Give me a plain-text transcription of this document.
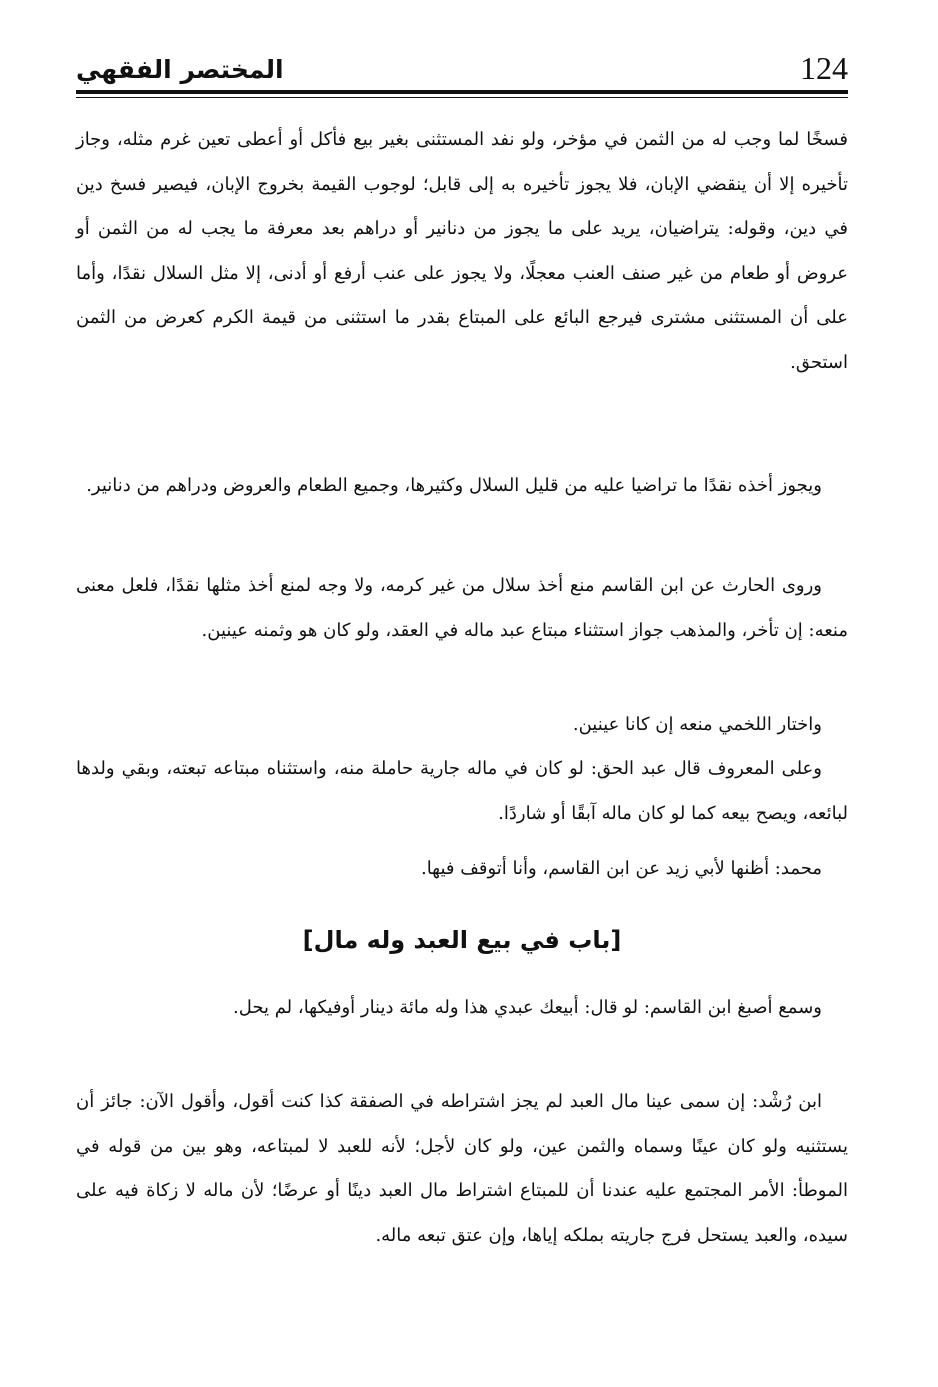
124
المختصر الفقهي

فسخًا لما وجب له من الثمن في مؤخر، ولو نفد المستثنى بغير بيع فأكل أو أعطى تعين غرم مثله، وجاز تأخيره إلا أن ينقضي الإبان، فلا يجوز تأخيره به إلى قابل؛ لوجوب القيمة بخروج الإبان، فيصير فسخ دين في دين، وقوله: يتراضيان، يريد على ما يجوز من دنانير أو دراهم بعد معرفة ما يجب له من الثمن أو عروض أو طعام من غير صنف العنب معجلًا، ولا يجوز على عنب أرفع أو أدنى، إلا مثل السلال نقدًا، وأما على أن المستثنى مشترى فيرجع البائع على المبتاع بقدر ما استثنى من قيمة الكرم كعرض من الثمن استحق.

ويجوز أخذه نقدًا ما تراضيا عليه من قليل السلال وكثيرها، وجميع الطعام والعروض ودراهم من دنانير.

وروى الحارث عن ابن القاسم منع أخذ سلال من غير كرمه، ولا وجه لمنع أخذ مثلها نقدًا، فلعل معنى منعه: إن تأخر، والمذهب جواز استثناء مبتاع عبد ماله في العقد، ولو كان هو وثمنه عينين.

واختار اللخمي منعه إن كانا عينين.

وعلى المعروف قال عبد الحق: لو كان في ماله جارية حاملة منه، واستثناه مبتاعه تبعته، وبقي ولدها لبائعه، ويصح بيعه كما لو كان ماله آبقًا أو شاردًا.

محمد: أظنها لأبي زيد عن ابن القاسم، وأنا أتوقف فيها.

[باب في بيع العبد وله مال]

وسمع أصبغ ابن القاسم: لو قال: أبيعك عبدي هذا وله مائة دينار أوفيكها، لم يحل.

ابن رُشْد: إن سمى عينا مال العبد لم يجز اشتراطه في الصفقة كذا كنت أقول، وأقول الآن: جائز أن يستثنيه ولو كان عينًا وسماه والثمن عين، ولو كان لأجل؛ لأنه للعبد لا لمبتاعه، وهو بين من قوله في الموطأ: الأمر المجتمع عليه عندنا أن للمبتاع اشتراط مال العبد دينًا أو عرضًا؛ لأن ماله لا زكاة فيه على سيده، والعبد يستحل فرج جاريته بملكه إياها، وإن عتق تبعه ماله.
